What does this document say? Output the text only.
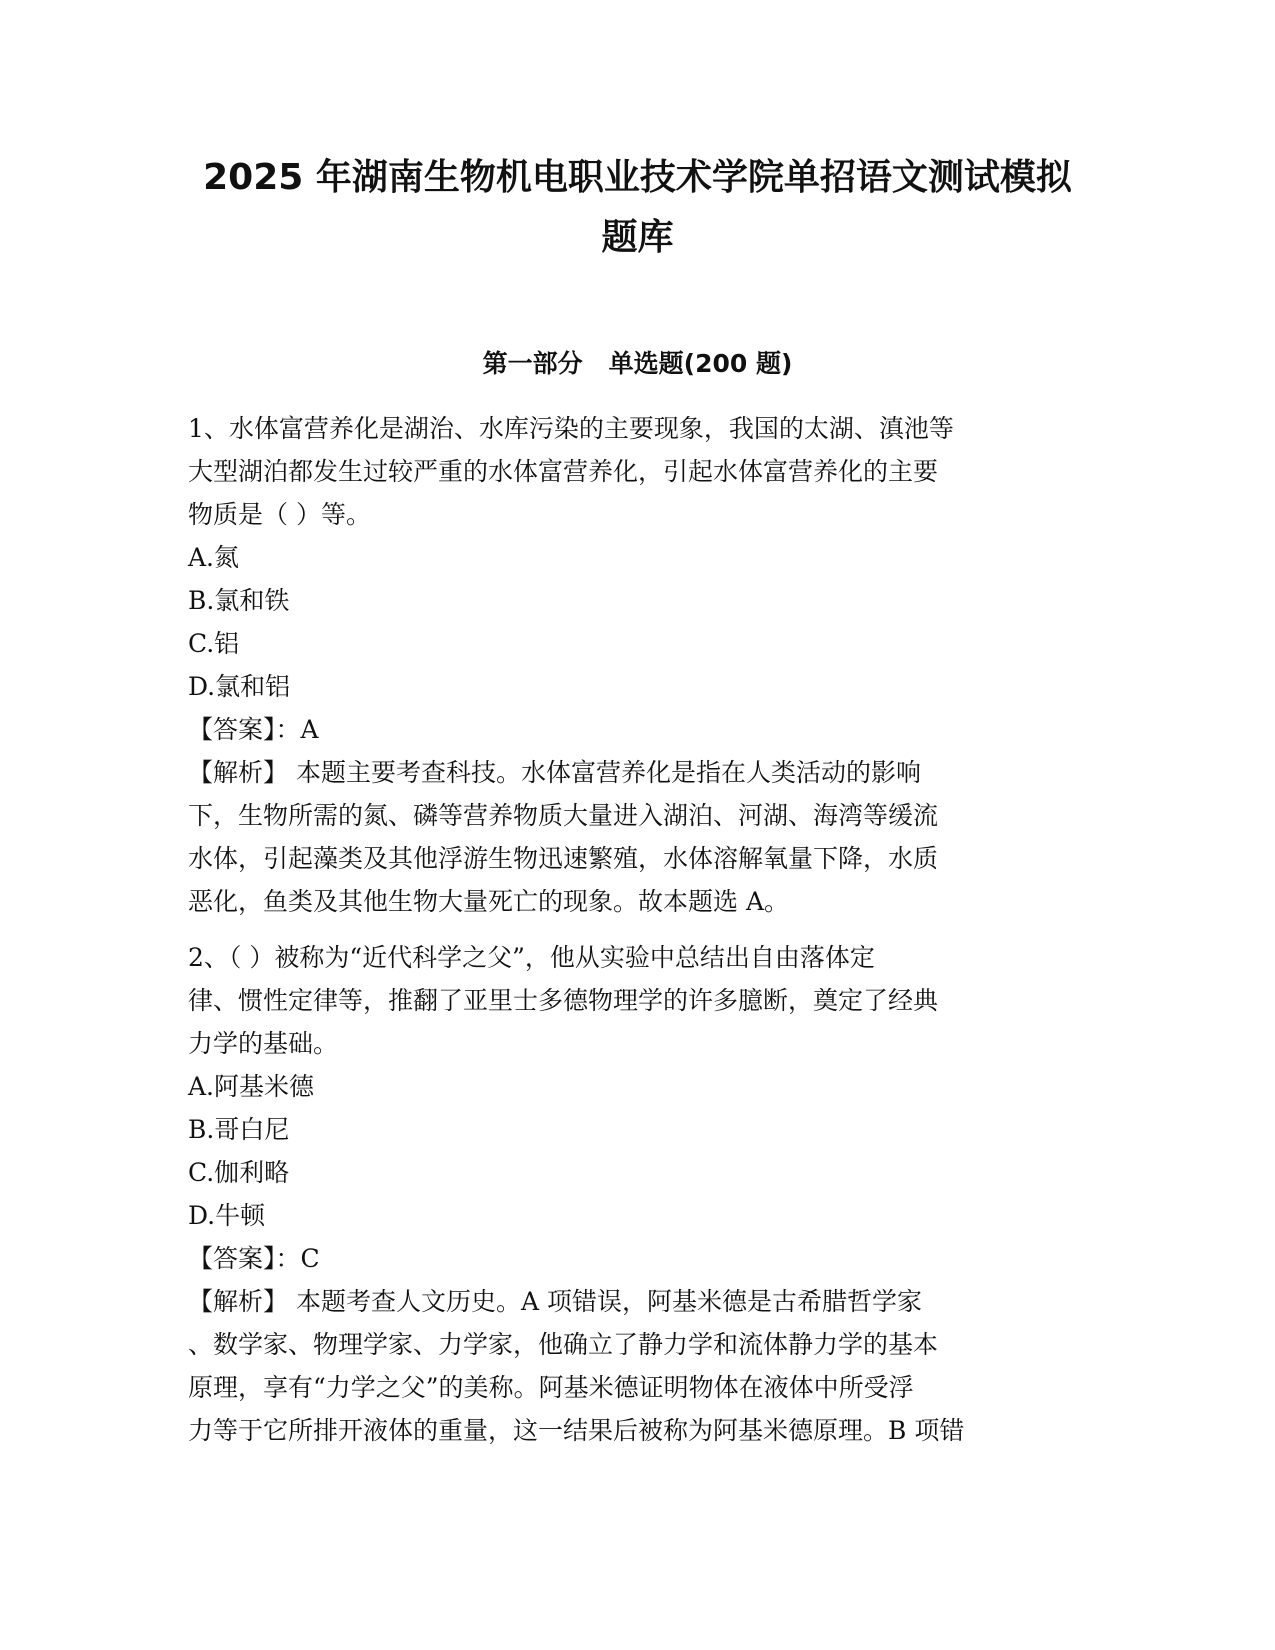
2025 年湖南生物机电职业技术学院单招语文测试模拟
题库
第一部分   单选题(200 题)
1、水体富营养化是湖治、水库污染的主要现象，我国的太湖、滇池等
大型湖泊都发生过较严重的水体富营养化，引起水体富营养化的主要
物质是（ ）等。
A.氮
B.氯和铁
C.铝
D.氯和铝
【答案】：A
【解析】 本题主要考查科技。水体富营养化是指在人类活动的影响
下，生物所需的氮、磷等营养物质大量进入湖泊、河湖、海湾等缓流
水体，引起藻类及其他浮游生物迅速繁殖，水体溶解氧量下降，水质
恶化，鱼类及其他生物大量死亡的现象。故本题选 A。
2、（ ）被称为“近代科学之父”，他从实验中总结出自由落体定
律、惯性定律等，推翻了亚里士多德物理学的许多臆断，奠定了经典
力学的基础。
A.阿基米德
B.哥白尼
C.伽利略
D.牛顿
【答案】：C
【解析】 本题考查人文历史。A 项错误，阿基米德是古希腊哲学家
、数学家、物理学家、力学家，他确立了静力学和流体静力学的基本
原理，享有“力学之父”的美称。阿基米德证明物体在液体中所受浮
力等于它所排开液体的重量，这一结果后被称为阿基米德原理。B 项错
